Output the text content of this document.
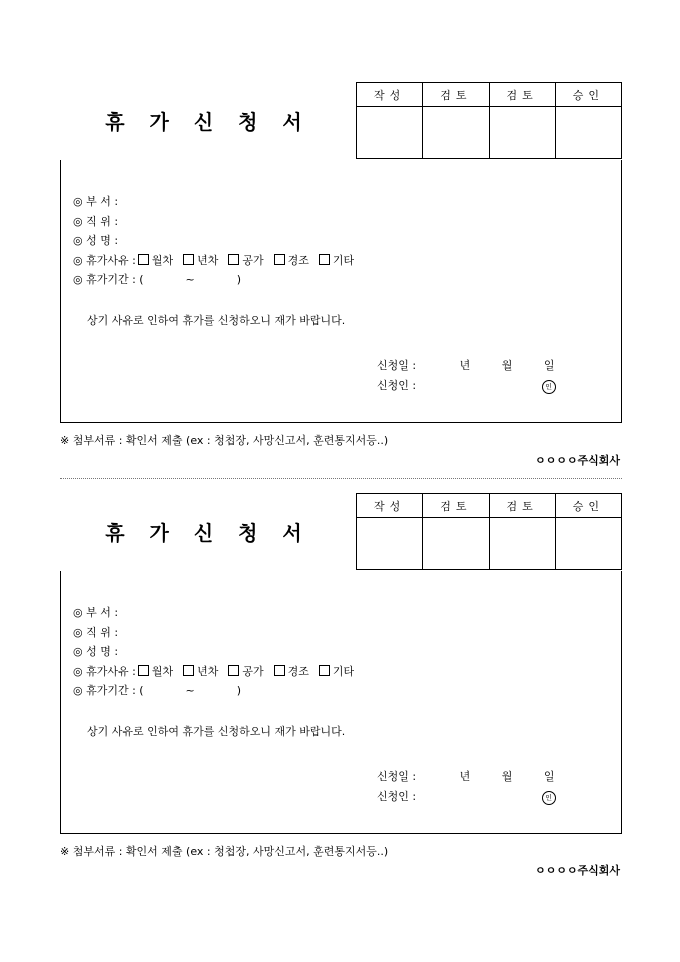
휴 가 신 청 서
작성	검토	검토	승인

◎ 부 서 :
◎ 직 위 :
◎ 성 명 :
◎ 휴가사유 : 월차 년차 공가 경조 기타
◎ 휴가기간 : (            ~            )
상기 사유로 인하여 휴가를 신청하오니 재가 바랍니다.
신청일 :	년	월	일
신청인 :	인
※ 첨부서류 : 확인서 제출 (ex : 청첩장, 사망신고서, 훈련통지서등..)
ㅇㅇㅇㅇ주식회사
휴 가 신 청 서
작성	검토	검토	승인

◎ 부 서 :
◎ 직 위 :
◎ 성 명 :
◎ 휴가사유 : 월차 년차 공가 경조 기타
◎ 휴가기간 : (            ~            )
상기 사유로 인하여 휴가를 신청하오니 재가 바랍니다.
신청일 :	년	월	일
신청인 :	인
※ 첨부서류 : 확인서 제출 (ex : 청첩장, 사망신고서, 훈련통지서등..)
ㅇㅇㅇㅇ주식회사
